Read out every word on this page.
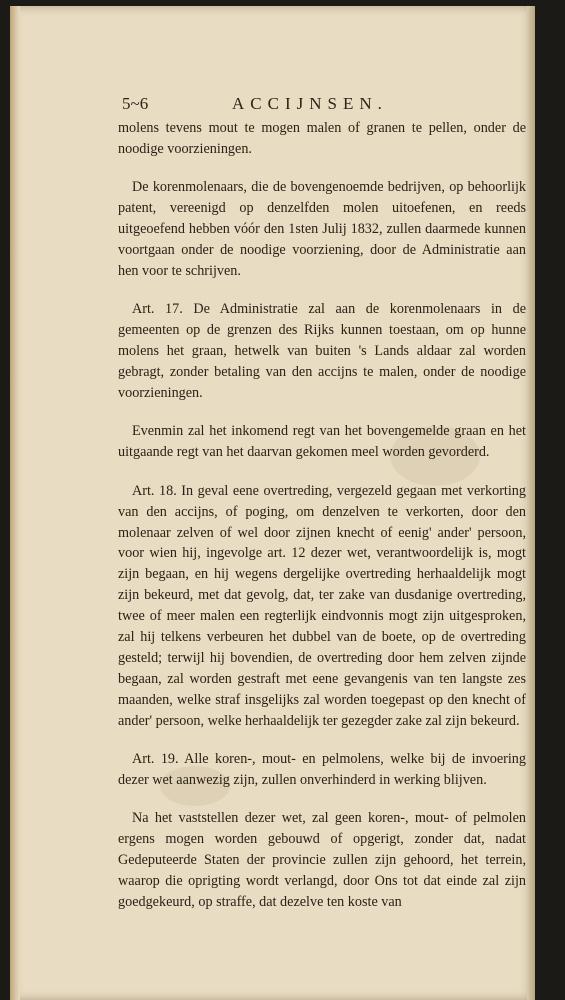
5~6	ACCIJNSEN.

molens tevens mout te mogen malen of granen te pellen, onder de noodige voorzieningen.

De korenmolenaars, die de bovengenoemde bedrijven, op behoorlijk patent, vereenigd op denzelfden molen uitoefenen, en reeds uitgeoefend hebben vóór den 1sten Julij 1832, zullen daarmede kunnen voortgaan onder de noodige voorziening, door de Administratie aan hen voor te schrijven.

Art. 17. De Administratie zal aan de korenmolenaars in de gemeenten op de grenzen des Rijks kunnen toestaan, om op hunne molens het graan, hetwelk van buiten 's Lands aldaar zal worden gebragt, zonder betaling van den accijns te malen, onder de noodige voorzieningen.

Evenmin zal het inkomend regt van het bovengemelde graan en het uitgaande regt van het daarvan gekomen meel worden gevorderd.

Art. 18. In geval eene overtreding, vergezeld gegaan met verkorting van den accijns, of poging, om denzelven te verkorten, door den molenaar zelven of wel door zijnen knecht of eenig' ander' persoon, voor wien hij, ingevolge art. 12 dezer wet, verantwoordelijk is, mogt zijn begaan, en hij wegens dergelijke overtreding herhaaldelijk mogt zijn bekeurd, met dat gevolg, dat, ter zake van dusdanige overtreding, twee of meer malen een regterlijk eindvonnis mogt zijn uitgesproken, zal hij telkens verbeuren het dubbel van de boete, op de overtreding gesteld; terwijl hij bovendien, de overtreding door hem zelven zijnde begaan, zal worden gestraft met eene gevangenis van ten langste zes maanden, welke straf insgelijks zal worden toegepast op den knecht of ander' persoon, welke herhaaldelijk ter gezegder zake zal zijn bekeurd.

Art. 19. Alle koren-, mout- en pelmolens, welke bij de invoering dezer wet aanwezig zijn, zullen onverhinderd in werking blijven.

Na het vaststellen dezer wet, zal geen koren-, mout- of pelmolen ergens mogen worden gebouwd of opgerigt, zonder dat, nadat Gedeputeerde Staten der provincie zullen zijn gehoord, het terrein, waarop die oprigting wordt verlangd, door Ons tot dat einde zal zijn goedgekeurd, op straffe, dat dezelve ten koste van
